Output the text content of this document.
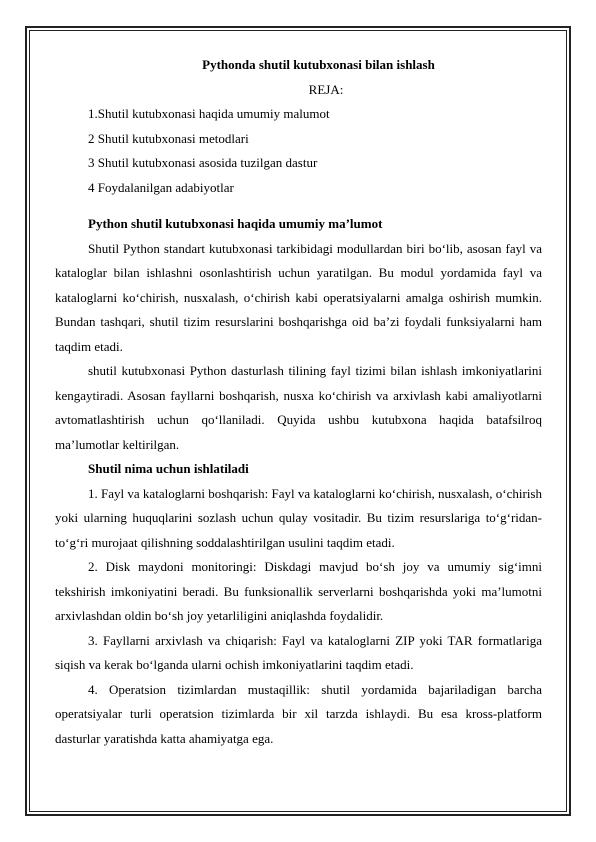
Pythonda shutil kutubxonasi bilan ishlash

REJA:

1.Shutil kutubxonasi haqida umumiy malumot

2 Shutil kutubxonasi metodlari

3 Shutil kutubxonasi asosida tuzilgan dastur

4 Foydalanilgan adabiyotlar

Python shutil kutubxonasi haqida umumiy ma’lumot

Shutil Python standart kutubxonasi tarkibidagi modullardan biri bo‘lib, asosan fayl va kataloglar bilan ishlashni osonlashtirish uchun yaratilgan. Bu modul yordamida fayl va kataloglarni ko‘chirish, nusxalash, o‘chirish kabi operatsiyalarni amalga oshirish mumkin. Bundan tashqari, shutil tizim resurslarini boshqarishga oid ba’zi foydali funksiyalarni ham taqdim etadi.

shutil kutubxonasi Python dasturlash tilining fayl tizimi bilan ishlash imkoniyatlarini kengaytiradi. Asosan fayllarni boshqarish, nusxa ko‘chirish va arxivlash kabi amaliyotlarni avtomatlashtirish uchun qo‘llaniladi. Quyida ushbu kutubxona haqida batafsilroq ma’lumotlar keltirilgan.

Shutil nima uchun ishlatiladi

1. Fayl va kataloglarni boshqarish: Fayl va kataloglarni ko‘chirish, nusxalash, o‘chirish yoki ularning huquqlarini sozlash uchun qulay vositadir. Bu tizim resurslariga to‘g‘ridan-to‘g‘ri murojaat qilishning soddalashtirilgan usulini taqdim etadi.

2. Disk maydoni monitoringi: Diskdagi mavjud bo‘sh joy va umumiy sig‘imni tekshirish imkoniyatini beradi. Bu funksionallik serverlarni boshqarishda yoki ma’lumotni arxivlashdan oldin bo‘sh joy yetarliligini aniqlashda foydalidir.

3. Fayllarni arxivlash va chiqarish: Fayl va kataloglarni ZIP yoki TAR formatlariga siqish va kerak bo‘lganda ularni ochish imkoniyatlarini taqdim etadi.

4. Operatsion tizimlardan mustaqillik: shutil yordamida bajariladigan barcha operatsiyalar turli operatsion tizimlarda bir xil tarzda ishlaydi. Bu esa kross-platform dasturlar yaratishda katta ahamiyatga ega.
